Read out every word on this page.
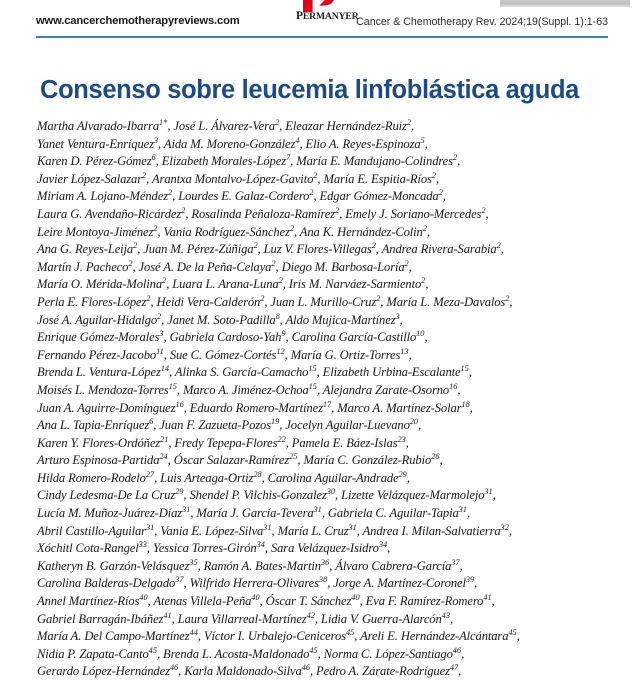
www.cancerchemotherapyreviews.com	Cancer & Chemotherapy Rev. 2024;19(Suppl. 1):1-63
PERMANYER
Consenso sobre leucemia linfoblástica aguda
Martha Alvarado-Ibarra$^{1*}$, José L. Álvarez-Vera$^2$, Eleazar Hernández-Ruiz$^2$,
Yanet Ventura-Enríquez$^3$, Aida M. Moreno-González$^4$, Elio A. Reyes-Espinoza$^5$,
Karen D. Pérez-Gómez$^6$, Elizabeth Morales-López$^7$, María E. Mandujano-Colindres$^2$,
Javier López-Salazar$^2$, Arantxa Montalvo-López-Gavito$^2$, María E. Espitia-Ríos$^2$,
Miriam A. Lojano-Méndez$^2$, Lourdes E. Galaz-Cordero$^2$, Edgar Gómez-Moncada$^2$,
Laura G. Avendaño-Ricárdez$^2$, Rosalinda Peñaloza-Ramírez$^2$, Emely J. Soriano-Mercedes$^2$,
Leire Montoya-Jiménez$^2$, Vania Rodríguez-Sánchez$^2$, Ana K. Hernández-Colin$^2$,
Ana G. Reyes-Leija$^2$, Juan M. Pérez-Zúñiga$^2$, Luz V. Flores-Villegas$^2$, Andrea Rivera-Sarabia$^2$,
Martín J. Pacheco$^2$, José A. De la Peña-Celaya$^2$, Diego M. Barbosa-Loría$^2$,
María O. Mérida-Molina$^2$, Luara L. Arana-Luna$^2$, Iris M. Narváez-Sarmiento$^2$,
Perla E. Flores-López$^2$, Heidi Vera-Calderón$^2$, Juan L. Murillo-Cruz$^2$, María L. Meza-Davalos$^2$,
José A. Aguilar-Hidalgo$^2$, Janet M. Soto-Padilla$^8$, Aldo Mujica-Martínez$^3$,
Enrique Gómez-Morales$^3$, Gabriela Cardoso-Yah$^9$, Carolina García-Castillo$^{10}$,
Fernando Pérez-Jacobo$^{11}$, Sue C. Gómez-Cortés$^{12}$, María G. Ortiz-Torres$^{13}$,
Brenda L. Ventura-López$^{14}$, Alinka S. García-Camacho$^{15}$, Elizabeth Urbina-Escalante$^{15}$,
Moisés L. Mendoza-Torres$^{15}$, Marco A. Jiménez-Ochoa$^{15}$, Alejandra Zarate-Osorno$^{16}$,
Juan A. Aguirre-Domínguez$^{16}$, Eduardo Romero-Martínez$^{17}$, Marco A. Martínez-Solar$^{18}$,
Ana L. Tapia-Enríquez$^6$, Juan F. Zazueta-Pozos$^{19}$, Jocelyn Aguilar-Luevano$^{20}$,
Karen Y. Flores-Ordóñez$^{21}$, Fredy Tepepa-Flores$^{22}$, Pamela E. Báez-Islas$^{23}$,
Arturo Espinosa-Partida$^{24}$, Óscar Salazar-Ramírez$^{25}$, María C. González-Rubio$^{26}$,
Hilda Romero-Rodelo$^{27}$, Luis Arteaga-Ortiz$^{28}$, Carolina Aguilar-Andrade$^{29}$,
Cindy Ledesma-De La Cruz$^{29}$, Shendel P. Vilchis-Gonzalez$^{30}$, Lizette Velázquez-Marmolejo$^{31}$,
Lucía M. Muñoz-Juárez-Díaz$^{31}$, María J. García-Tevera$^{31}$, Gabriela C. Aguilar-Tapia$^{31}$,
Abril Castillo-Aguilar$^{31}$, Vania E. López-Silva$^{31}$, María L. Cruz$^{31}$, Andrea I. Milan-Salvatierra$^{32}$,
Xóchitl Cota-Rangel$^{33}$, Yessica Torres-Girón$^{34}$, Sara Velázquez-Isidro$^{34}$,
Katheryn B. Garzón-Velásquez$^{35}$, Ramón A. Bates-Martin$^{36}$, Álvaro Cabrera-García$^{37}$,
Carolina Balderas-Delgado$^{37}$, Wilfrido Herrera-Olivares$^{38}$, Jorge A. Martínez-Coronel$^{39}$,
Annel Martínez-Ríos$^{40}$, Atenas Villela-Peña$^{40}$, Óscar T. Sánchez$^{40}$, Eva F. Ramírez-Romero$^{41}$,
Gabriel Barragán-Ibáñez$^{41}$, Laura Villarreal-Martínez$^{42}$, Lidia V. Guerra-Alarcón$^{43}$,
María A. Del Campo-Martínez$^{44}$, Víctor I. Urbalejo-Ceniceros$^{45}$, Areli E. Hernández-Alcántara$^{45}$,
Nidia P. Zapata-Canto$^{45}$, Brenda L. Acosta-Maldonado$^{45}$, Norma C. López-Santiago$^{46}$,
Gerardo López-Hernández$^{46}$, Karla Maldonado-Silva$^{46}$, Pedro A. Zárate-Rodríguez$^{47}$,
